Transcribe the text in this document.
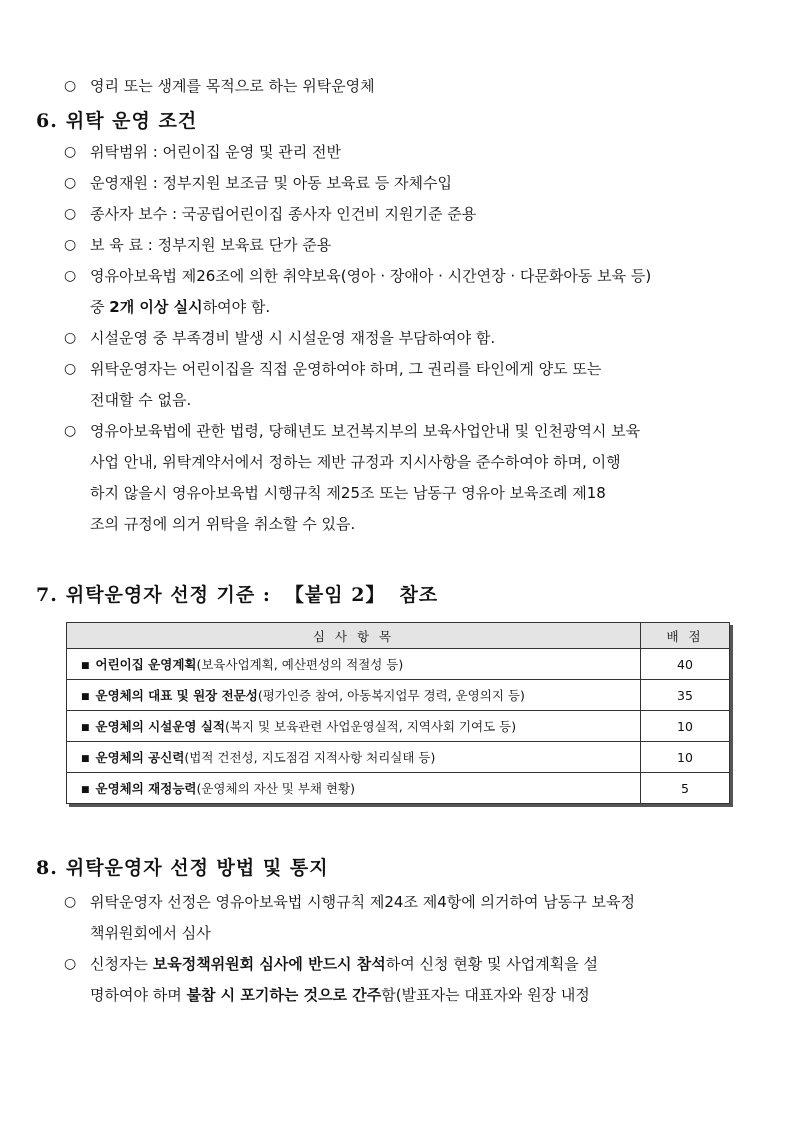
○ 영리 또는 생계를 목적으로 하는 위탁운영체
6. 위탁 운영 조건
○ 위탁범위 : 어린이집 운영 및 관리 전반
○ 운영재원 : 정부지원 보조금 및 아동 보육료 등 자체수입
○ 종사자 보수 : 국공립어린이집 종사자 인건비 지원기준 준용
○ 보 육 료 : 정부지원 보육료 단가 준용
○ 영유아보육법 제26조에 의한 취약보육(영아 · 장애아 · 시간연장 · 다문화아동 보육 등)
중 2개 이상 실시하여야 함.
○ 시설운영 중 부족경비 발생 시 시설운영 재정을 부담하여야 함.
○ 위탁운영자는 어린이집을 직접 운영하여야 하며, 그 권리를 타인에게 양도 또는
전대할 수 없음.
○ 영유아보육법에 관한 법령, 당해년도 보건복지부의 보육사업안내 및 인천광역시 보육
사업 안내, 위탁계약서에서 정하는 제반 규정과 지시사항을 준수하여야 하며, 이행
하지 않을시 영유아보육법 시행규칙 제25조 또는 남동구 영유아 보육조례 제18
조의 규정에 의거 위탁을 취소할 수 있음.
7. 위탁운영자 선정 기준 : 【붙임 2】 참조
심 사 항 목	배 점
■ 어린이집 운영계획(보육사업계획, 예산편성의 적절성 등)	40
■ 운영체의 대표 및 원장 전문성(평가인증 참여, 아동복지업무 경력, 운영의지 등)	35
■ 운영체의 시설운영 실적(복지 및 보육관련 사업운영실적, 지역사회 기여도 등)	10
■ 운영체의 공신력(법적 건전성, 지도점검 지적사항 처리실태 등)	10
■ 운영체의 재정능력(운영체의 자산 및 부채 현황)	5
8. 위탁운영자 선정 방법 및 통지
○ 위탁운영자 선정은 영유아보육법 시행규칙 제24조 제4항에 의거하여 남동구 보육정
책위원회에서 심사
○ 신청자는 보육정책위원회 심사에 반드시 참석하여 신청 현황 및 사업계획을 설
명하여야 하며 불참 시 포기하는 것으로 간주함(발표자는 대표자와 원장 내정
